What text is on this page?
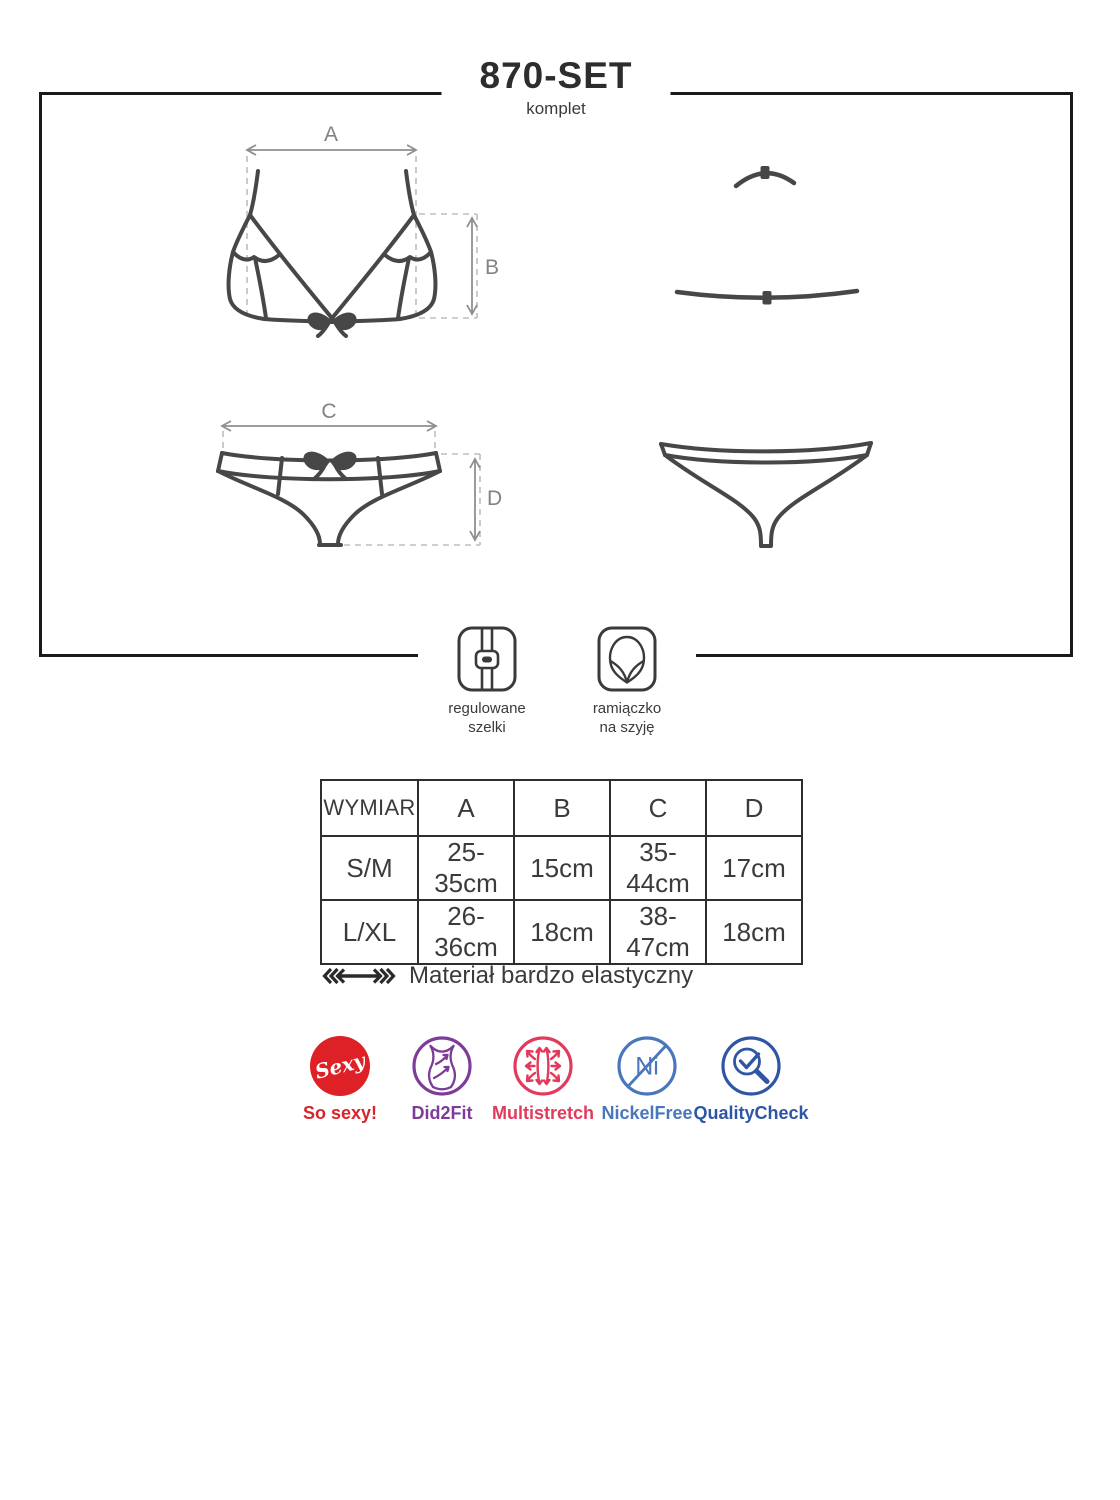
870-SET
komplet
A
B
C
D
regulowane
szelki
ramiączko
na szyję
WYMIAR	A	B	C	D
S/M	25-35cm	15cm	35-44cm	17cm
L/XL	26-36cm	18cm	38-47cm	18cm
Materiał bardzo elastyczny
Sexy
So sexy!	Did2Fit	Multistretch
Ni
NickelFree QualityCheck
